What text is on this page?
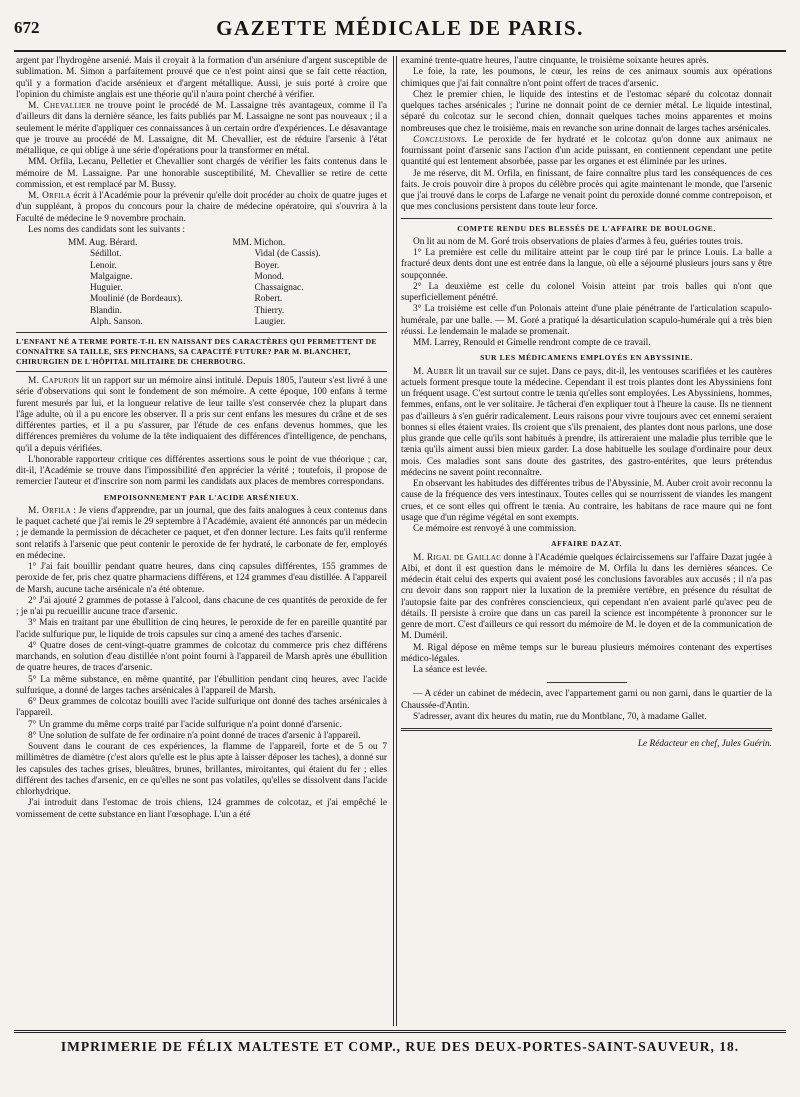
672	GAZETTE MÉDICALE DE PARIS.

argent par l'hydrogène arsenié. Mais il croyait à la formation d'un arséniure d'argent susceptible de sublimation. M. Simon a parfaitement prouvé que ce n'est point ainsi que se fait cette réaction, qu'il y a formation d'acide arsénieux et d'argent métallique. Aussi, je suis porté à croire que l'opinion du chimiste anglais est une théorie qu'il n'aura point cherché à vérifier.

M. Chevallier ne trouve point le procédé de M. Lassaigne très avantageux, comme il l'a d'ailleurs dit dans la dernière séance, les faits publiés par M. Lassaigne ne sont pas nouveaux ; il a seulement le mérite d'appliquer ces connaissances à un certain ordre d'expériences. Le désavantage que je trouve au procédé de M. Lassaigne, dit M. Chevallier, est de réduire l'arsenic à l'état métallique, ce qui oblige à une série d'opérations pour la transformer en métal.

MM. Orfila, Lecanu, Pelletier et Chevallier sont chargés de vérifier les faits contenus dans le mémoire de M. Lassaigne. Par une honorable susceptibilité, M. Chevallier se retire de cette commission, et est remplacé par M. Bussy.

M. Orfila écrit à l'Académie pour la prévenir qu'elle doit procéder au choix de quatre juges et d'un suppléant, à propos du concours pour la chaire de médecine opératoire, qui s'ouvrira à la Faculté de médecine le 9 novembre prochain.

Les noms des candidats sont les suivants :

MM. Aug. Bérard.
Sédillot.
Lenoir.
Malgaigne.
Huguier.
Moulinié (de Bordeaux).
Blandin.
Alph. Sanson.
MM. Michon.
Vidal (de Cassis).
Boyer.
Monod.
Chassaignac.
Robert.
Thierry.
Laugier.
L'ENFANT NÉ A TERME PORTE-T-IL EN NAISSANT DES CARACTÈRES QUI PERMETTENT DE CONNAÎTRE SA TAILLE, SES PENCHANS, SA CAPACITÉ FUTURE? PAR M. BLANCHET, CHIRURGIEN DE L'HÔPITAL MILITAIRE DE CHERBOURG.

M. Capuron lit un rapport sur un mémoire ainsi intitulé. Depuis 1805, l'auteur s'est livré à une série d'observations qui sont le fondement de son mémoire. A cette époque, 100 enfans à terme furent mesurés par lui, et la longueur relative de leur taille s'est conservée chez la plupart dans l'âge adulte, où il a pu encore les observer. Il a pris sur cent enfans les mesures du crâne et de ses différentes parties, et il a pu s'assurer, par l'étude de ces enfans devenus hommes, que les différences premières du volume de la tête indiquaient des différences d'intelligence, de penchans, qu'il a depuis vérifiées.

L'honorable rapporteur critique ces différentes assertions sous le point de vue théorique ; car, dit-il, l'Académie se trouve dans l'impossibilité d'en apprécier la vérité ; toutefois, il propose de remercier l'auteur et d'inscrire son nom parmi les candidats aux places de membres correspondans.

EMPOISONNEMENT PAR L'ACIDE ARSÉNIEUX.

M. Orfila : Je viens d'apprendre, par un journal, que des faits analogues à ceux contenus dans le paquet cacheté que j'ai remis le 29 septembre à l'Académie, avaient été annoncés par un médecin ; je demande la permission de décacheter ce paquet, et d'en donner lecture. Les faits qu'il renferme sont relatifs à l'arsenic que peut contenir le peroxide de fer hydraté, le carbonate de fer, employés en médecine.

1° J'ai fait bouillir pendant quatre heures, dans cinq capsules différentes, 155 grammes de peroxide de fer, pris chez quatre pharmaciens différens, et 124 grammes d'eau distillée. A l'appareil de Marsh, aucune tache arsénicale n'a été obtenue.

2° J'ai ajouté 2 grammes de potasse à l'alcool, dans chacune de ces quantités de peroxide de fer ; je n'ai pu recueillir aucune trace d'arsenic.

3° Mais en traitant par une ébullition de cinq heures, le peroxide de fer en pareille quantité par l'acide sulfurique pur, le liquide de trois capsules sur cinq a amené des taches d'arsenic.

4° Quatre doses de cent-vingt-quatre grammes de colcotaz du commerce pris chez différens marchands, en solution d'eau distillée n'ont point fourni à l'appareil de Marsh après une ébullition de quatre heures, de traces d'arsenic.

5° La même substance, en même quantité, par l'ébullition pendant cinq heures, avec l'acide sulfurique, a donné de larges taches arsénicales à l'appareil de Marsh.

6° Deux grammes de colcotaz bouilli avec l'acide sulfurique ont donné des taches arsénicales à l'appareil.

7° Un gramme du même corps traité par l'acide sulfurique n'a point donné d'arsenic.

8° Une solution de sulfate de fer ordinaire n'a point donné de traces d'arsenic à l'appareil.

Souvent dans le courant de ces expériences, la flamme de l'appareil, forte et de 5 ou 7 millimètres de diamètre (c'est alors qu'elle est le plus apte à laisser déposer les taches), a donné sur les capsules des taches grises, bleuâtres, brunes, brillantes, miroitantes, qui étaient du fer ; elles différent des taches d'arsenic, en ce qu'elles ne sont pas volatiles, qu'elles se dissolvent dans l'acide chlorhydrique.

J'ai introduit dans l'estomac de trois chiens, 124 grammes de colcotaz, et j'ai empêché le vomissement de cette substance en liant l'œsophage. L'un a été

examiné trente-quatre heures, l'autre cinquante, le troisième soixante heures après.

Le foie, la rate, les poumons, le cœur, les reins de ces animaux soumis aux opérations chimiques que j'ai fait connaître n'ont point offert de traces d'arsenic.

Chez le premier chien, le liquide des intestins et de l'estomac séparé du colcotaz donnait quelques taches arsénicales ; l'urine ne donnait point de ce dernier métal. Le liquide intestinal, séparé du colcotaz sur le second chien, donnait quelques taches moins apparentes et moins nombreuses que chez le troisième, mais en revanche son urine donnait de larges taches arsénicales.

Conclusions. Le peroxide de fer hydraté et le colcotaz qu'on donne aux animaux ne fournissant point d'arsenic sans l'action d'un acide puissant, en contiennent cependant une petite quantité qui est lentement absorbée, passe par les organes et est éliminée par les urines.

Je me réserve, dit M. Orfila, en finissant, de faire connaître plus tard les conséquences de ces faits. Je crois pouvoir dire à propos du célèbre procès qui agite maintenant le monde, que l'arsenic que j'ai trouvé dans le corps de Lafarge ne venait point du peroxide donné comme contrepoison, et que mes conclusions persistent dans toute leur force.

COMPTE RENDU DES BLESSÉS DE L'AFFAIRE DE BOULOGNE.

On lit au nom de M. Goré trois observations de plaies d'armes à feu, guéries toutes trois.

1° La première est celle du militaire atteint par le coup tiré par le prince Louis. La balle a fracturé deux dents dont une est entrée dans la langue, où elle a séjourné plusieurs jours sans y être soupçonnée.

2° La deuxième est celle du colonel Voisin atteint par trois balles qui n'ont que superficiellement pénétré.

3° La troisième est celle d'un Polonais atteint d'une plaie pénétrante de l'articulation scapulo-humérale, par une balle. — M. Goré a pratiqué la désarticulation scapulo-humérale qui a très bien réussi. Le lendemain le malade se promenait.

MM. Larrey, Renould et Gimelle rendront compte de ce travail.

SUR LES MÉDICAMENS EMPLOYÉS EN ABYSSINIE.

M. Auber lit un travail sur ce sujet. Dans ce pays, dit-il, les ventouses scarifiées et les cautères actuels forment presque toute la médecine. Cependant il est trois plantes dont les Abyssiniens font un fréquent usage. C'est surtout contre le tænia qu'elles sont employées. Les Abyssiniens, hommes, femmes, enfans, ont le ver solitaire. Je tâcherai d'en expliquer tout à l'heure la cause. Ils ne tiennent pas d'ailleurs à s'en guérir radicalement. Leurs raisons pour vivre toujours avec cet ennemi seraient bonnes si elles étaient vraies. Ils croient que s'ils prenaient, des plantes dont nous parlons, une dose plus grande que celle qu'ils sont habitués à prendre, ils attireraient une maladie plus terrible que le tænia qu'ils aiment aussi bien mieux garder. La dose habituelle les soulage d'ordinaire pour deux mois. Ces maladies sont sans doute des gastrites, des gastro-entérites, que leurs prétendus médecins ne savent point reconnaître.

En observant les habitudes des différentes tribus de l'Abyssinie, M. Auber croit avoir reconnu la cause de la fréquence des vers intestinaux. Toutes celles qui se nourrissent de viandes les mangent crues, et ce sont elles qui offrent le tænia. Au contraire, les habitans de race maure qui ne font usage que d'un régime végétal en sont exempts.

Ce mémoire est renvoyé à une commission.

AFFAIRE DAZAT.

M. Rigal de Gaillac donne à l'Académie quelques éclaircissemens sur l'affaire Dazat jugée à Albi, et dont il est question dans le mémoire de M. Orfila lu dans les dernières séances. Ce médecin était celui des experts qui avaient posé les conclusions favorables aux accusés ; il n'a pas cru devoir dans son rapport nier la luxation de la première vertèbre, en présence du résultat de l'autopsie faite par des confrères consciencieux, qui cependant n'en avaient parlé qu'avec peu de détails. Il persiste à croire que dans un cas pareil la science est incompétente à prononcer sur le genre de mort. C'est d'ailleurs ce qui ressort du mémoire de M. le doyen et de la communication de M. Duméril.

M. Rigal dépose en même temps sur le bureau plusieurs mémoires contenant des expertises médico-légales.

La séance est levée.

— A céder un cabinet de médecin, avec l'appartement garni ou non garni, dans le quartier de la Chaussée-d'Antin.

S'adresser, avant dix heures du matin, rue du Montblanc, 70, à madame Gallet.

Le Rédacteur en chef, Jules Guérin.
IMPRIMERIE DE FÉLIX MALTESTE ET COMP., RUE DES DEUX-PORTES-SAINT-SAUVEUR, 18.
